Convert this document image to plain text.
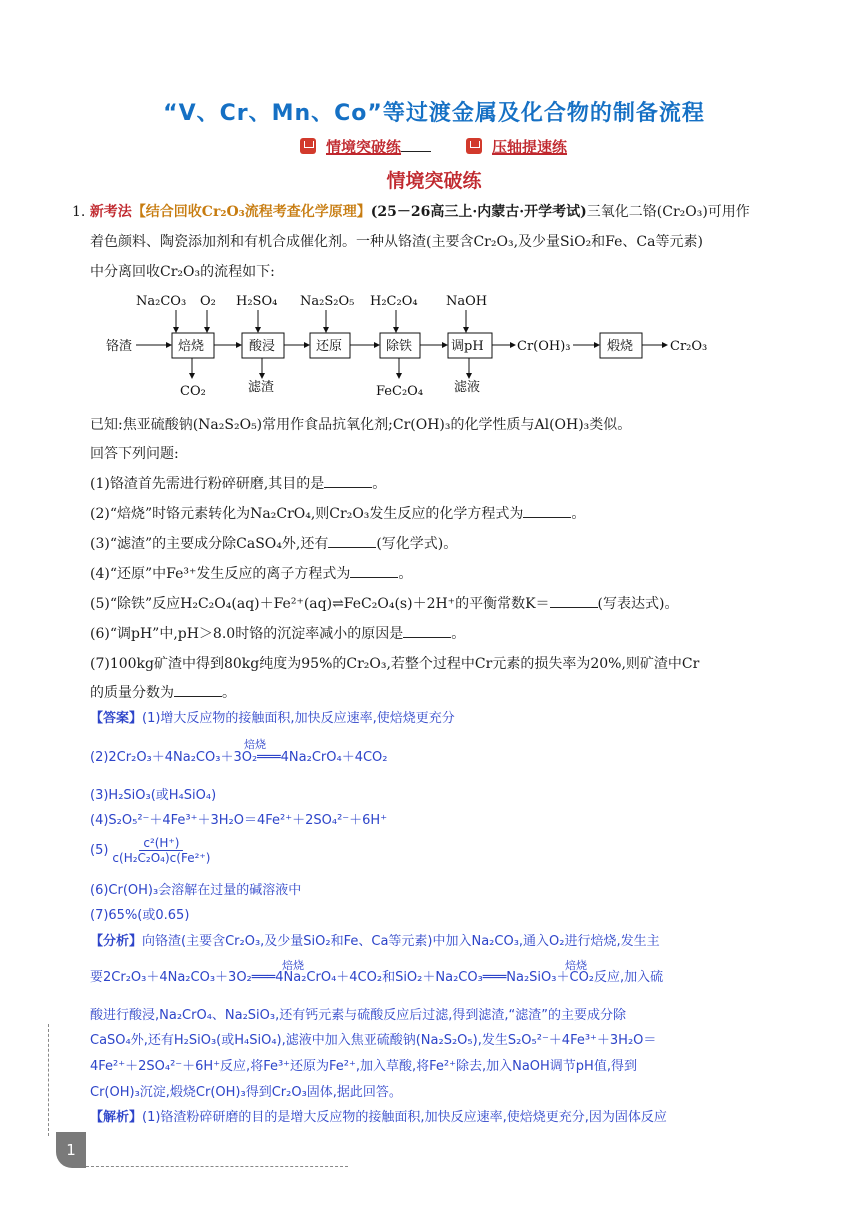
“V、Cr、Mn、Co”等过渡金属及化合物的制备流程
情境突破练	压轴提速练
情境突破练
1. 新考法【结合回收Cr₂O₃流程考查化学原理】(25－26高三上·内蒙古·开学考试)三氧化二铬(Cr₂O₃)可用作
着色颜料、陶瓷添加剂和有机合成催化剂。一种从铬渣(主要含Cr₂O₃,及少量SiO₂和Fe、Ca等元素)
中分离回收Cr₂O₃的流程如下:
Na₂CO₃ O₂ H₂SO₄ Na₂S₂O₅ H₂C₂O₄ NaOH
铬渣	焙烧	酸浸	还原	除铁	调pH	Cr(OH)₃	煅烧	Cr₂O₃
CO₂	滤渣	FeC₂O₄ 滤液
已知:焦亚硫酸钠(Na₂S₂O₅)常用作食品抗氧化剂;Cr(OH)₃的化学性质与Al(OH)₃类似。
回答下列问题:
(1)铬渣首先需进行粉碎研磨,其目的是	。
(2)“焙烧”时铬元素转化为Na₂CrO₄,则Cr₂O₃发生反应的化学方程式为	。
(3)“滤渣”的主要成分除CaSO₄外,还有	(写化学式)。
(4)“还原”中Fe³⁺发生反应的离子方程式为	。
(5)“除铁”反应H₂C₂O₄(aq)＋Fe²⁺(aq)⇌FeC₂O₄(s)＋2H⁺的平衡常数K＝	(写表达式)。
(6)“调pH”中,pH＞8.0时铬的沉淀率减小的原因是	。
(7)100kg矿渣中得到80kg纯度为95%的Cr₂O₃,若整个过程中Cr元素的损失率为20%,则矿渣中Cr
的质量分数为	。
【答案】(1)增大反应物的接触面积,加快反应速率,使焙烧更充分
焙烧
(2)2Cr₂O₃＋4Na₂CO₃＋3O₂═══4Na₂CrO₄＋4CO₂
(3)H₂SiO₃(或H₄SiO₄)
(4)S₂O₅²⁻＋4Fe³⁺＋3H₂O＝4Fe²⁺＋2SO₄²⁻＋6H⁺
(5)	c²(H⁺)
c(H₂C₂O₄)c(Fe²⁺)
(6)Cr(OH)₃会溶解在过量的碱溶液中
(7)65%(或0.65)
【分析】向铬渣(主要含Cr₂O₃,及少量SiO₂和Fe、Ca等元素)中加入Na₂CO₃,通入O₂进行焙烧,发生主
焙烧	焙烧
要2Cr₂O₃＋4Na₂CO₃＋3O₂═══4Na₂CrO₄＋4CO₂和SiO₂＋Na₂CO₃═══Na₂SiO₃＋CO₂反应,加入硫
酸进行酸浸,Na₂CrO₄、Na₂SiO₃,还有钙元素与硫酸反应后过滤,得到滤渣,“滤渣”的主要成分除
CaSO₄外,还有H₂SiO₃(或H₄SiO₄),滤液中加入焦亚硫酸钠(Na₂S₂O₅),发生S₂O₅²⁻＋4Fe³⁺＋3H₂O＝
4Fe²⁺＋2SO₄²⁻＋6H⁺反应,将Fe³⁺还原为Fe²⁺,加入草酸,将Fe²⁺除去,加入NaOH调节pH值,得到
Cr(OH)₃沉淀,煅烧Cr(OH)₃得到Cr₂O₃固体,据此回答。
【解析】(1)铬渣粉碎研磨的目的是增大反应物的接触面积,加快反应速率,使焙烧更充分,因为固体反应
1
